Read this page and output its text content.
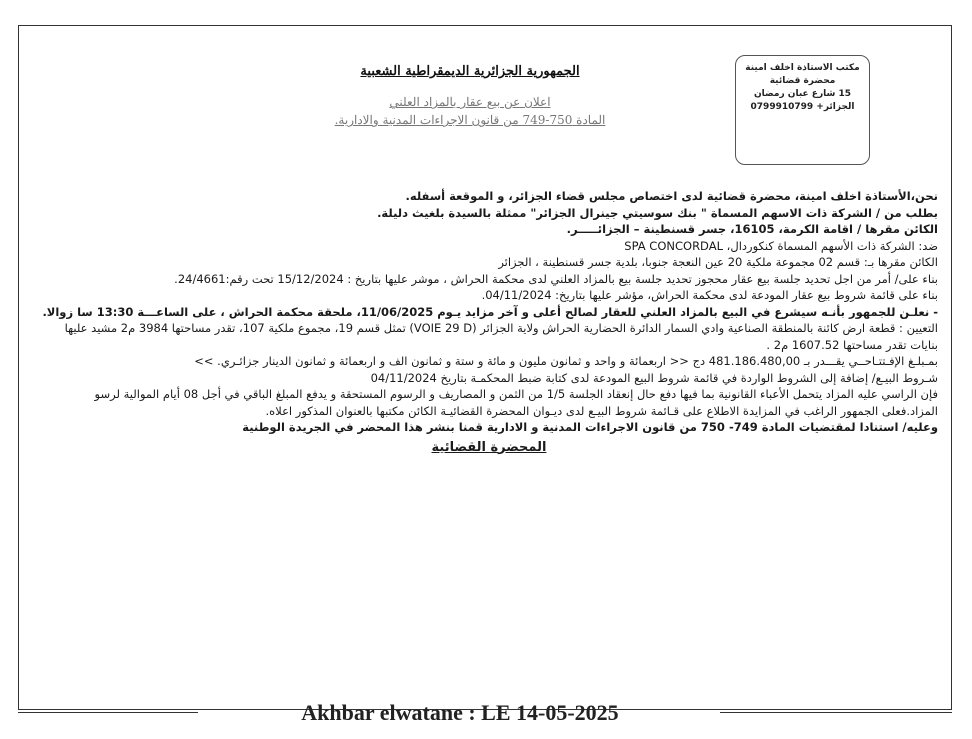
مكتب الاستاذة اخلف امينة
محضرة قضائية
15 شارع عبان رمضان
الجزائر+ 0799910799
الجمهورية الجزائرية الديمقراطية الشعبية
اعلان عن بيع عقار بالمزاد العلني
المادة 750-749 من قانون الاجراءات المدنية والادارية.

نحن،الأستاذة اخلف امينة، محضرة قضائية لدى اختصاص مجلس قضاء الجزائر، و الموقعة أسفله.

بطلب من / الشركة ذات الاسهم المسماة " بنك سوسيتي جينرال الجزائر" ممثلة بالسيدة بلغيث دليلة.

الكائن مقرها / اقامة الكرمة، 16105، جسر قسنطينة – الجزائـــــر.

ضد: الشركة ذات الأسهم المسماة كنكوردال، SPA CONCORDAL

الكائن مقرها بـ: قسم 02 مجموعة ملكية 20 عين النعجة جنوبا، بلدية جسر قسنطينة ، الجزائر

بناء على/ أمر من اجل تحديد جلسة بيع عقار محجوز تحديد جلسة بيع بالمزاد العلني لدى محكمة الحراش ، موشر عليها بتاريخ : 15/12/2024 تحت رقم:24/4661.

بناء على قائمة شروط بيع عقار المودعة لدى محكمة الحراش، مؤشر عليها بتاريخ: 04/11/2024.

- نعلـن للجمهور بأنـه سيشرع في البيع بالمزاد العلني للعقار لصالح أعلى و آخر مزايد يـوم 11/06/2025، ملحقة محكمة الحراش ، على الساعـــة 13:30 سا زوالا.

التعيين : قطعة ارض كائنة بالمنطقة الصناعية وادي السمار الدائرة الحضارية الحراش ولاية الجزائر (VOIE 29 D) تمثل قسم 19، مجموع ملكية 107، تقدر مساحتها 3984 م2 مشيد عليها بنايات تقدر مساحتها 1607.52 م2 .

بمـبلـغ الإفـتتـاحــي يقـــدر بـ 481.186.480,00 دج << اربعمائة و واحد و ثمانون مليون و مائة و ستة و ثمانون الف و اربعمائة و ثمانون الدينار جزائـري. >>

شـروط البيـع/ إضافة إلى الشروط الواردة في قائمة شروط البيع المودعة لدى كتابة ضبط المحكمـة بتاريخ 04/11/2024

فإن الراسي عليه المزاد يتحمل الأعباء القانونية بما فيها دفع حال إنعقاد الجلسة 1/5 من الثمن و المصاريف و الرسوم المستحقة و يدفع المبلغ الباقي في أجل 08 أيام الموالية لرسو المزاد.فعلى الجمهور الراغب في المزايدة الاطلاع على قـائمة شروط البيـع لدى ديـوان المحضرة القضائيـة الكائن مكتبها بالعنوان المذكور اعلاه.

وعليه/ استنادا لمقتضيات المادة 749- 750 من قانون الاجراءات المدنية و الادارية قمنا بنشر هذا المحضر في الجريدة الوطنية

المحضرة القضائية
Akhbar elwatane : LE 14-05-2025
